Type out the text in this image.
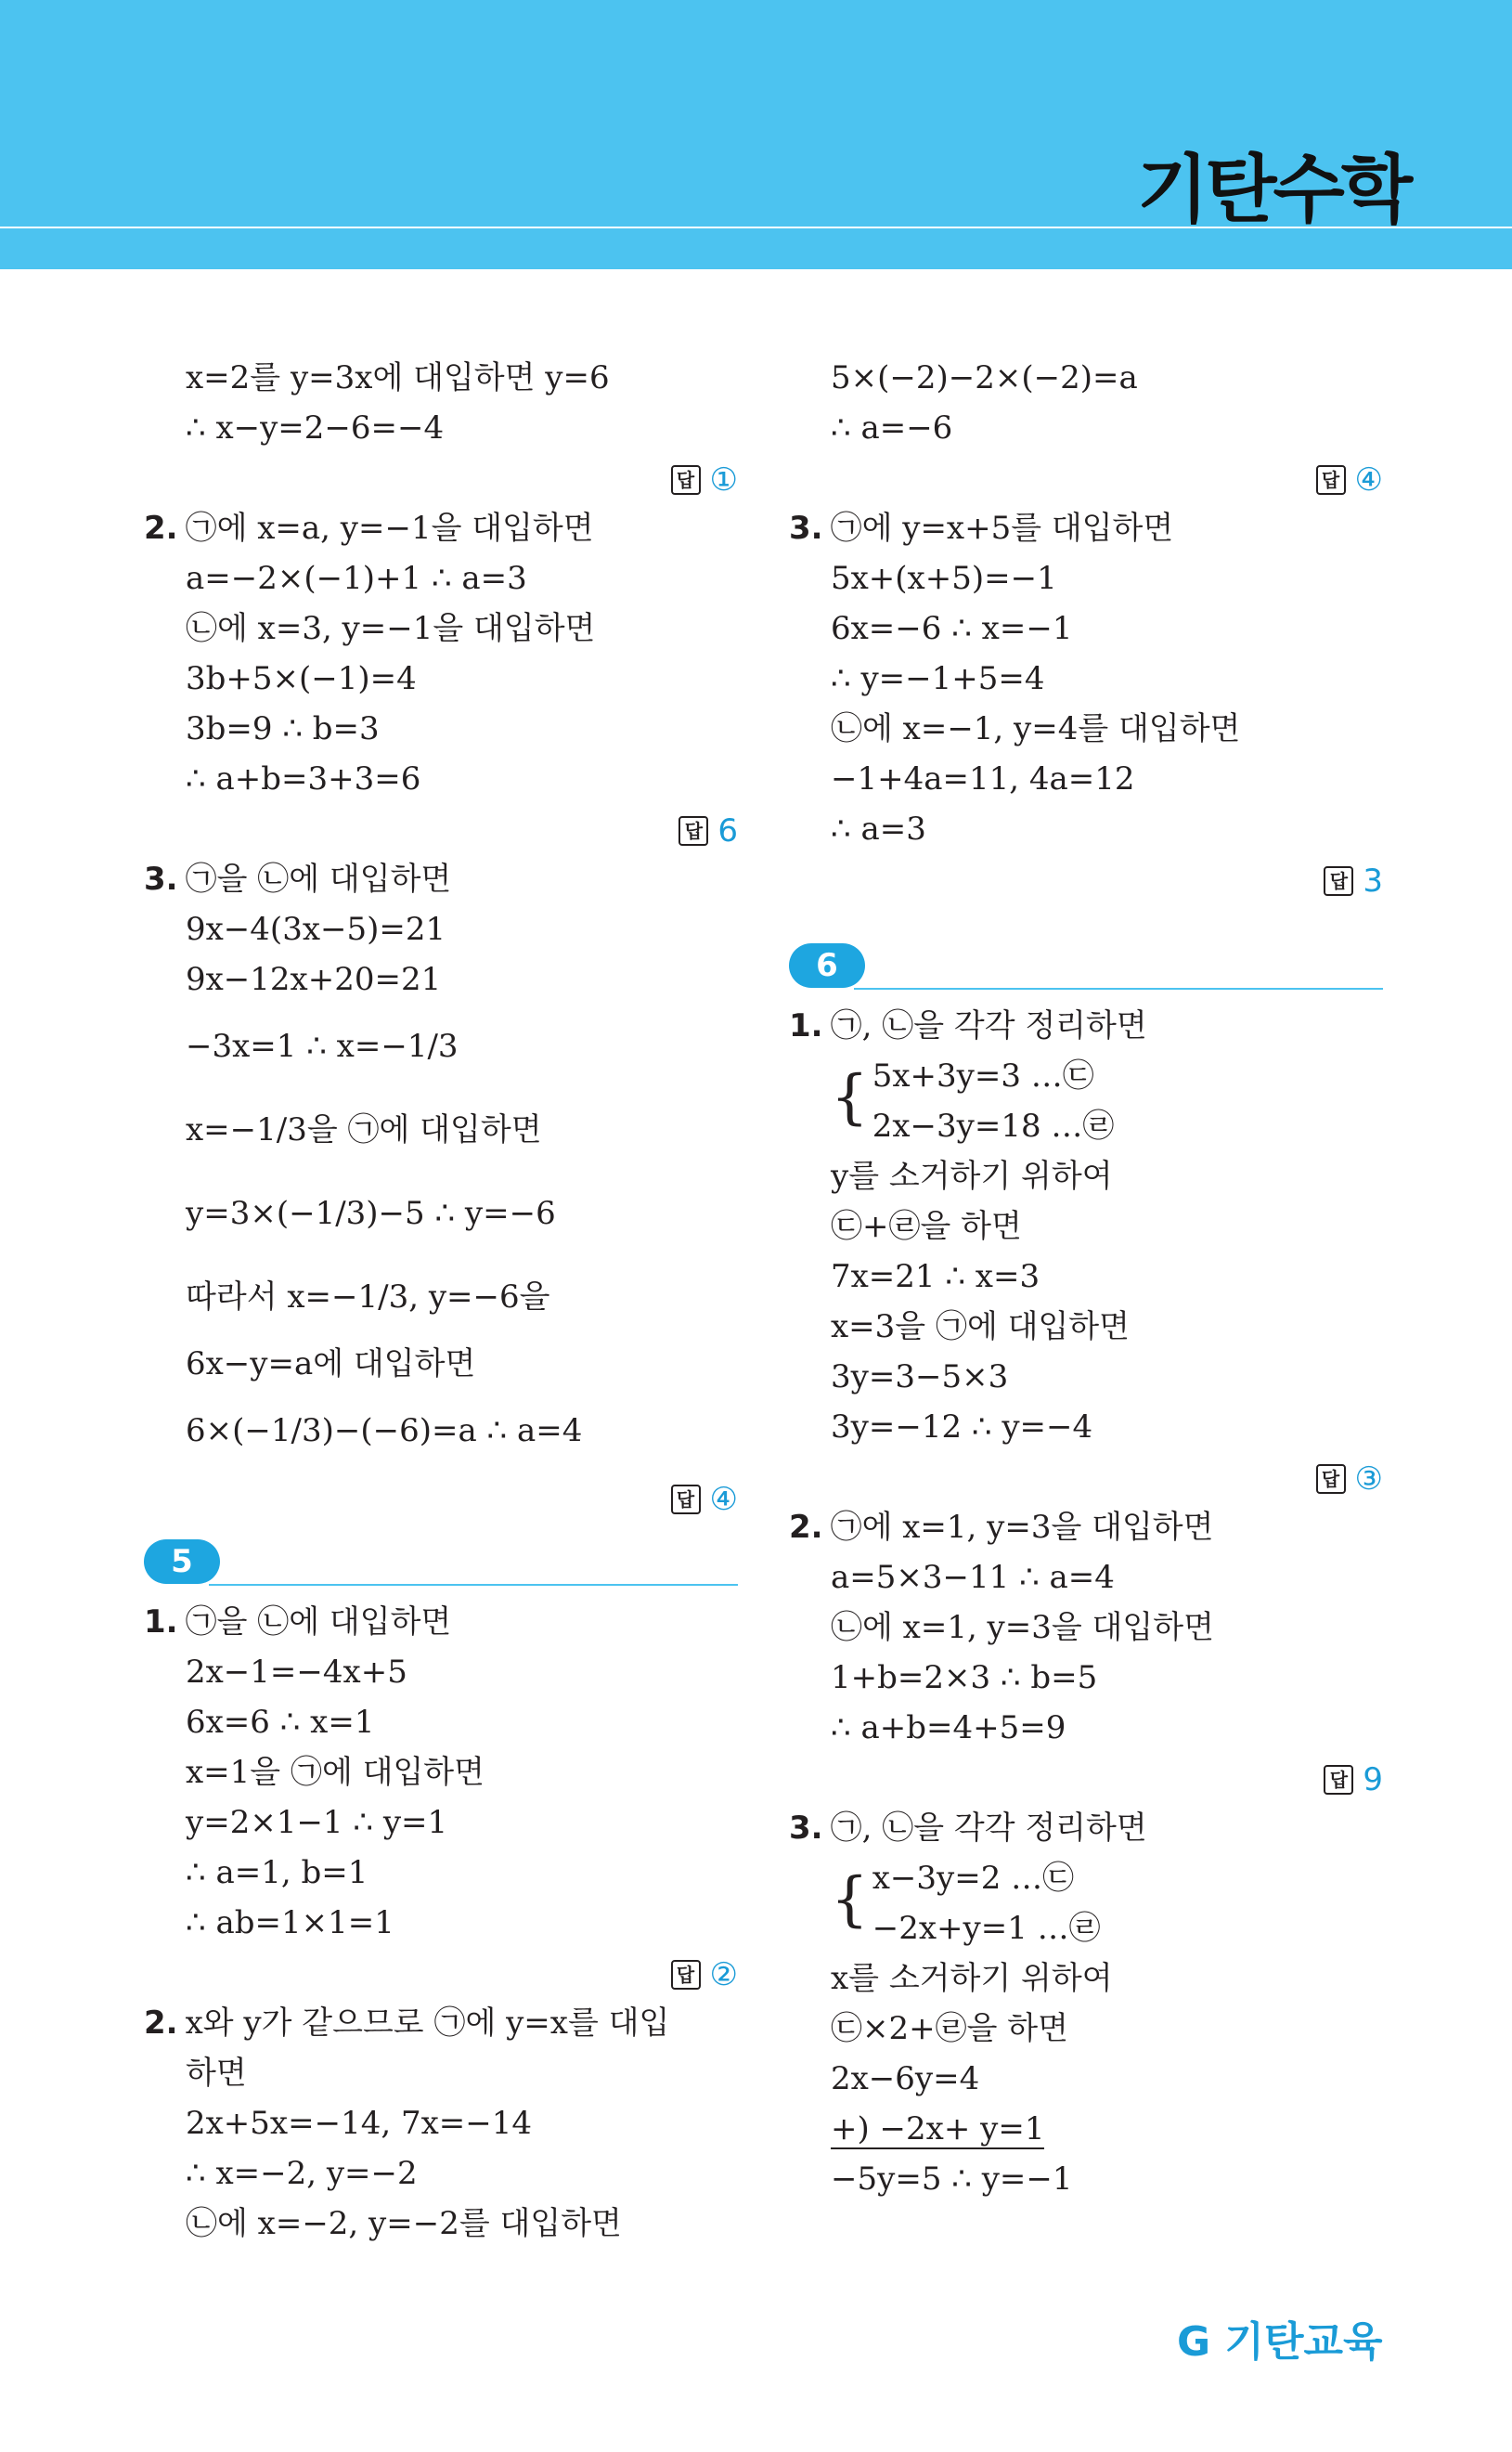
기탄수학
x=2를 y=3x에 대입하면 y=6
∴ x−y=2−6=−4
답 ①
2. ㉠에 x=a, y=−1을 대입하면
a=−2×(−1)+1 ∴ a=3
㉡에 x=3, y=−1을 대입하면
3b+5×(−1)=4
3b=9 ∴ b=3
∴ a+b=3+3=6
답 6
3. ㉠을 ㉡에 대입하면
9x−4(3x−5)=21
9x−12x+20=21
−3x=1 ∴ x=−1/3
x=−1/3을 ㉠에 대입하면
y=3×(−1/3)−5 ∴ y=−6
따라서 x=−1/3, y=−6을
6x−y=a에 대입하면
6×(−1/3)−(−6)=a ∴ a=4
답 ④
5
1. ㉠을 ㉡에 대입하면
2x−1=−4x+5
6x=6 ∴ x=1
x=1을 ㉠에 대입하면
y=2×1−1 ∴ y=1
∴ a=1, b=1
∴ ab=1×1=1
답 ②
2. x와 y가 같으므로 ㉠에 y=x를 대입
하면
2x+5x=−14, 7x=−14
∴ x=−2, y=−2
㉡에 x=−2, y=−2를 대입하면
5×(−2)−2×(−2)=a
∴ a=−6
답 ④
3. ㉠에 y=x+5를 대입하면
5x+(x+5)=−1
6x=−6 ∴ x=−1
∴ y=−1+5=4
㉡에 x=−1, y=4를 대입하면
−1+4a=11, 4a=12
∴ a=3
답 3
6
1. ㉠, ㉡을 각각 정리하면
{ 5x+3y=3 …㉢
2x−3y=18 …㉣
y를 소거하기 위하여
㉢+㉣을 하면
7x=21 ∴ x=3
x=3을 ㉠에 대입하면
3y=3−5×3
3y=−12 ∴ y=−4
답 ③
2. ㉠에 x=1, y=3을 대입하면
a=5×3−11 ∴ a=4
㉡에 x=1, y=3을 대입하면
1+b=2×3 ∴ b=5
∴ a+b=4+5=9
답 9
3. ㉠, ㉡을 각각 정리하면
{ x−3y=2 …㉢
−2x+y=1 …㉣
x를 소거하기 위하여
㉢×2+㉣을 하면
2x−6y=4
+) −2x+ y=1
−5y=5 ∴ y=−1
G 기탄교육
